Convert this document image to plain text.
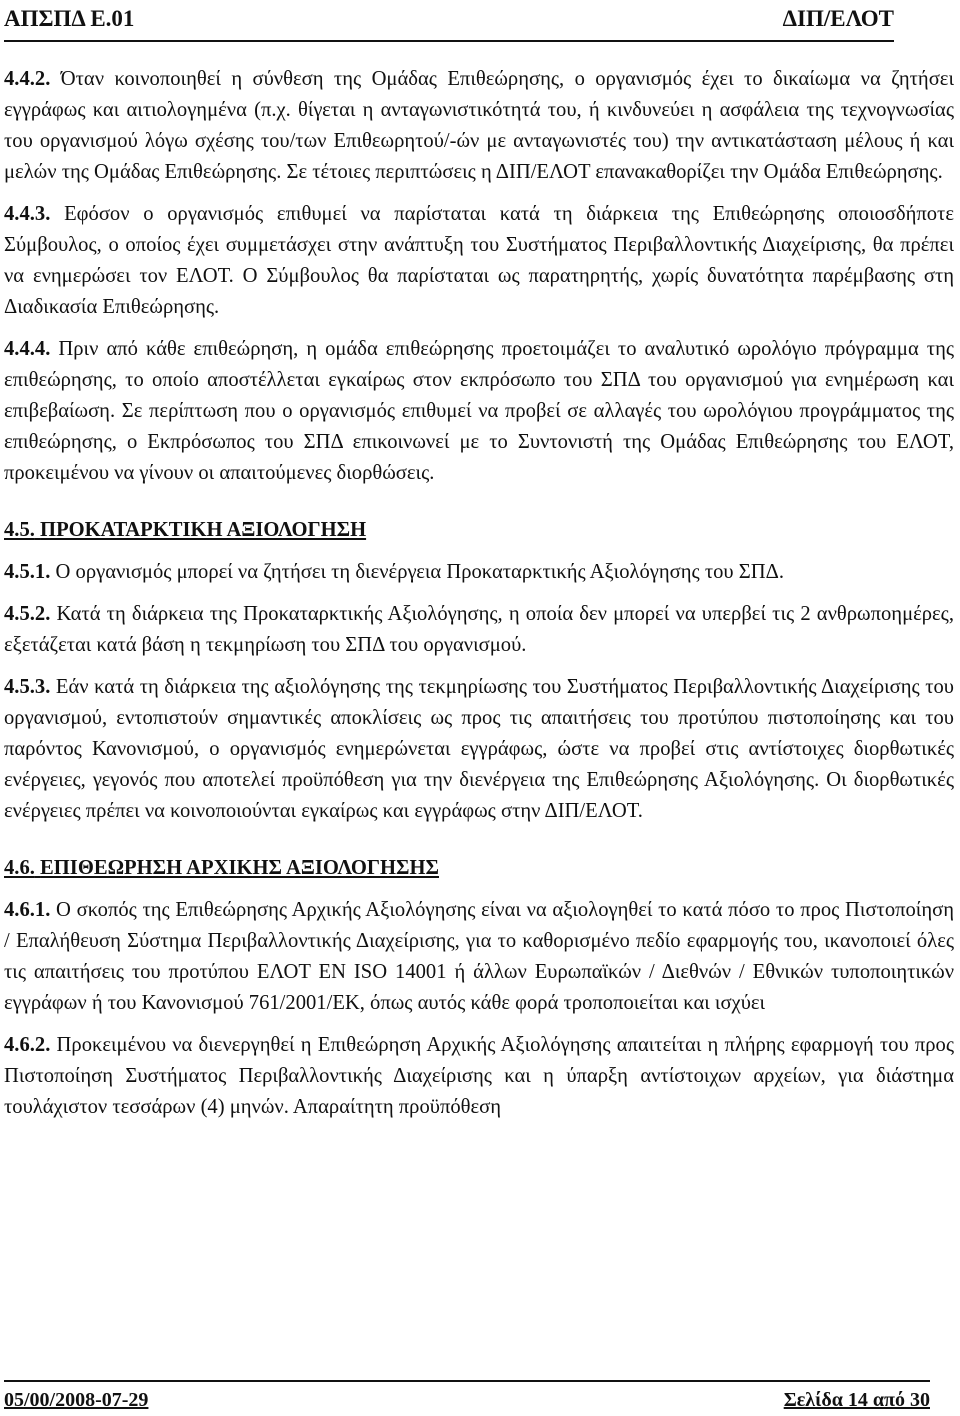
ΑΠΣΠΔ Ε.01	ΔΙΠ/ΕΛΟΤ

4.4.2. Όταν κοινοποιηθεί η σύνθεση της Ομάδας Επιθεώρησης, ο οργανισμός έχει το δικαίωμα να ζητήσει εγγράφως και αιτιολογημένα (π.χ. θίγεται η ανταγωνιστικότητά του, ή κινδυνεύει η ασφάλεια της τεχνογνωσίας του οργανισμού λόγω σχέσης του/των Επιθεωρητού/-ών με ανταγωνιστές του) την αντικατάσταση μέλους ή και μελών της Ομάδας Επιθεώρησης. Σε τέτοιες περιπτώσεις η ΔΙΠ/ΕΛΟΤ επανακαθορίζει την Ομάδα Επιθεώρησης.

4.4.3. Εφόσον ο οργανισμός επιθυμεί να παρίσταται κατά τη διάρκεια της Επιθεώρησης οποιοσδήποτε Σύμβουλος, ο οποίος έχει συμμετάσχει στην ανάπτυξη του Συστήματος Περιβαλλοντικής Διαχείρισης, θα πρέπει να ενημερώσει τον ΕΛΟΤ. Ο Σύμβουλος θα παρίσταται ως παρατηρητής, χωρίς δυνατότητα παρέμβασης στη Διαδικασία Επιθεώρησης.

4.4.4. Πριν από κάθε επιθεώρηση, η ομάδα επιθεώρησης προετοιμάζει το αναλυτικό ωρολόγιο πρόγραμμα της επιθεώρησης, το οποίο αποστέλλεται εγκαίρως στον εκπρόσωπο του ΣΠΔ του οργανισμού για ενημέρωση και επιβεβαίωση. Σε περίπτωση που ο οργανισμός επιθυμεί να προβεί σε αλλαγές του ωρολόγιου προγράμματος της επιθεώρησης, ο Εκπρόσωπος του ΣΠΔ επικοινωνεί με το Συντονιστή της Ομάδας Επιθεώρησης του ΕΛΟΤ, προκειμένου να γίνουν οι απαιτούμενες διορθώσεις.

4.5. ΠΡΟΚΑΤΑΡΚΤΙΚΗ ΑΞΙΟΛΟΓΗΣΗ

4.5.1. Ο οργανισμός μπορεί να ζητήσει τη διενέργεια Προκαταρκτικής Αξιολόγησης του ΣΠΔ.

4.5.2. Κατά τη διάρκεια της Προκαταρκτικής Αξιολόγησης, η οποία δεν μπορεί να υπερβεί τις 2 ανθρωποημέρες, εξετάζεται κατά βάση η τεκμηρίωση του ΣΠΔ του οργανισμού.

4.5.3. Εάν κατά τη διάρκεια της αξιολόγησης της τεκμηρίωσης του Συστήματος Περιβαλλοντικής Διαχείρισης του οργανισμού, εντοπιστούν σημαντικές αποκλίσεις ως προς τις απαιτήσεις του προτύπου πιστοποίησης και του παρόντος Κανονισμού, ο οργανισμός ενημερώνεται εγγράφως, ώστε να προβεί στις αντίστοιχες διορθωτικές ενέργειες, γεγονός που αποτελεί προϋπόθεση για την διενέργεια της Επιθεώρησης Αξιολόγησης. Οι διορθωτικές ενέργειες πρέπει να κοινοποιούνται εγκαίρως και εγγράφως στην ΔΙΠ/ΕΛΟΤ.

4.6. ΕΠΙΘΕΩΡΗΣΗ ΑΡΧΙΚΗΣ ΑΞΙΟΛΟΓΗΣΗΣ

4.6.1. Ο σκοπός της Επιθεώρησης Αρχικής Αξιολόγησης είναι να αξιολογηθεί το κατά πόσο το προς Πιστοποίηση / Επαλήθευση Σύστημα Περιβαλλοντικής Διαχείρισης, για το καθορισμένο πεδίο εφαρμογής του, ικανοποιεί όλες τις απαιτήσεις του προτύπου ΕΛΟΤ ΕΝ ISO 14001 ή άλλων Ευρωπαϊκών / Διεθνών / Εθνικών τυποποιητικών εγγράφων ή του Κανονισμού 761/2001/ΕΚ, όπως αυτός κάθε φορά τροποποιείται και ισχύει

4.6.2. Προκειμένου να διενεργηθεί η Επιθεώρηση Αρχικής Αξιολόγησης απαιτείται η πλήρης εφαρμογή του προς Πιστοποίηση Συστήματος Περιβαλλοντικής Διαχείρισης και η ύπαρξη αντίστοιχων αρχείων, για διάστημα τουλάχιστον τεσσάρων (4) μηνών. Απαραίτητη προϋπόθεση

05/00/2008-07-29	Σελίδα 14 από 30
